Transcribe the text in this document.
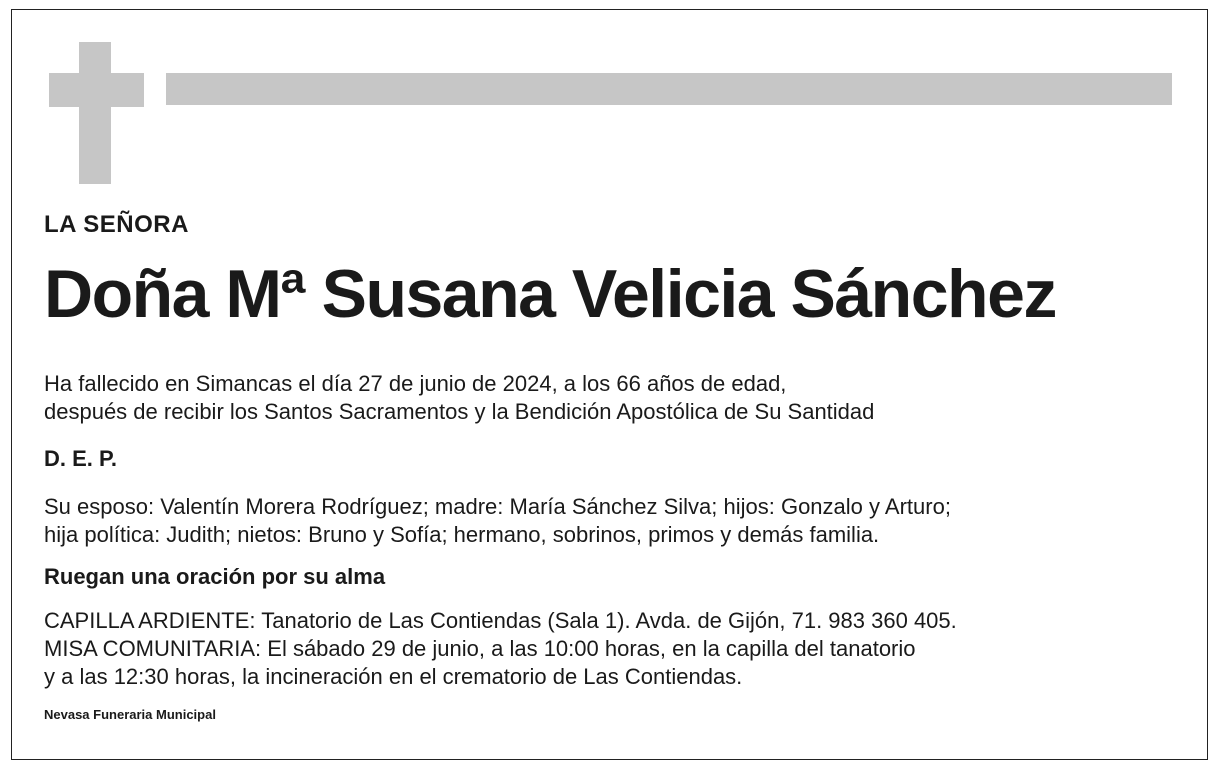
LA SEÑORA
Doña Mª Susana Velicia Sánchez
Ha fallecido en Simancas el día 27 de junio de 2024, a los 66 años de edad,
después de recibir los Santos Sacramentos y la Bendición Apostólica de Su Santidad
D. E. P.
Su esposo: Valentín Morera Rodríguez; madre: María Sánchez Silva; hijos: Gonzalo y Arturo;
hija política: Judith; nietos: Bruno y Sofía; hermano, sobrinos, primos y demás familia.
Ruegan una oración por su alma
CAPILLA ARDIENTE: Tanatorio de Las Contiendas (Sala 1). Avda. de Gijón, 71. 983 360 405.
MISA COMUNITARIA: El sábado 29 de junio, a las 10:00 horas, en la capilla del tanatorio
y a las 12:30 horas, la incineración en el crematorio de Las Contiendas.
Nevasa Funeraria Municipal
